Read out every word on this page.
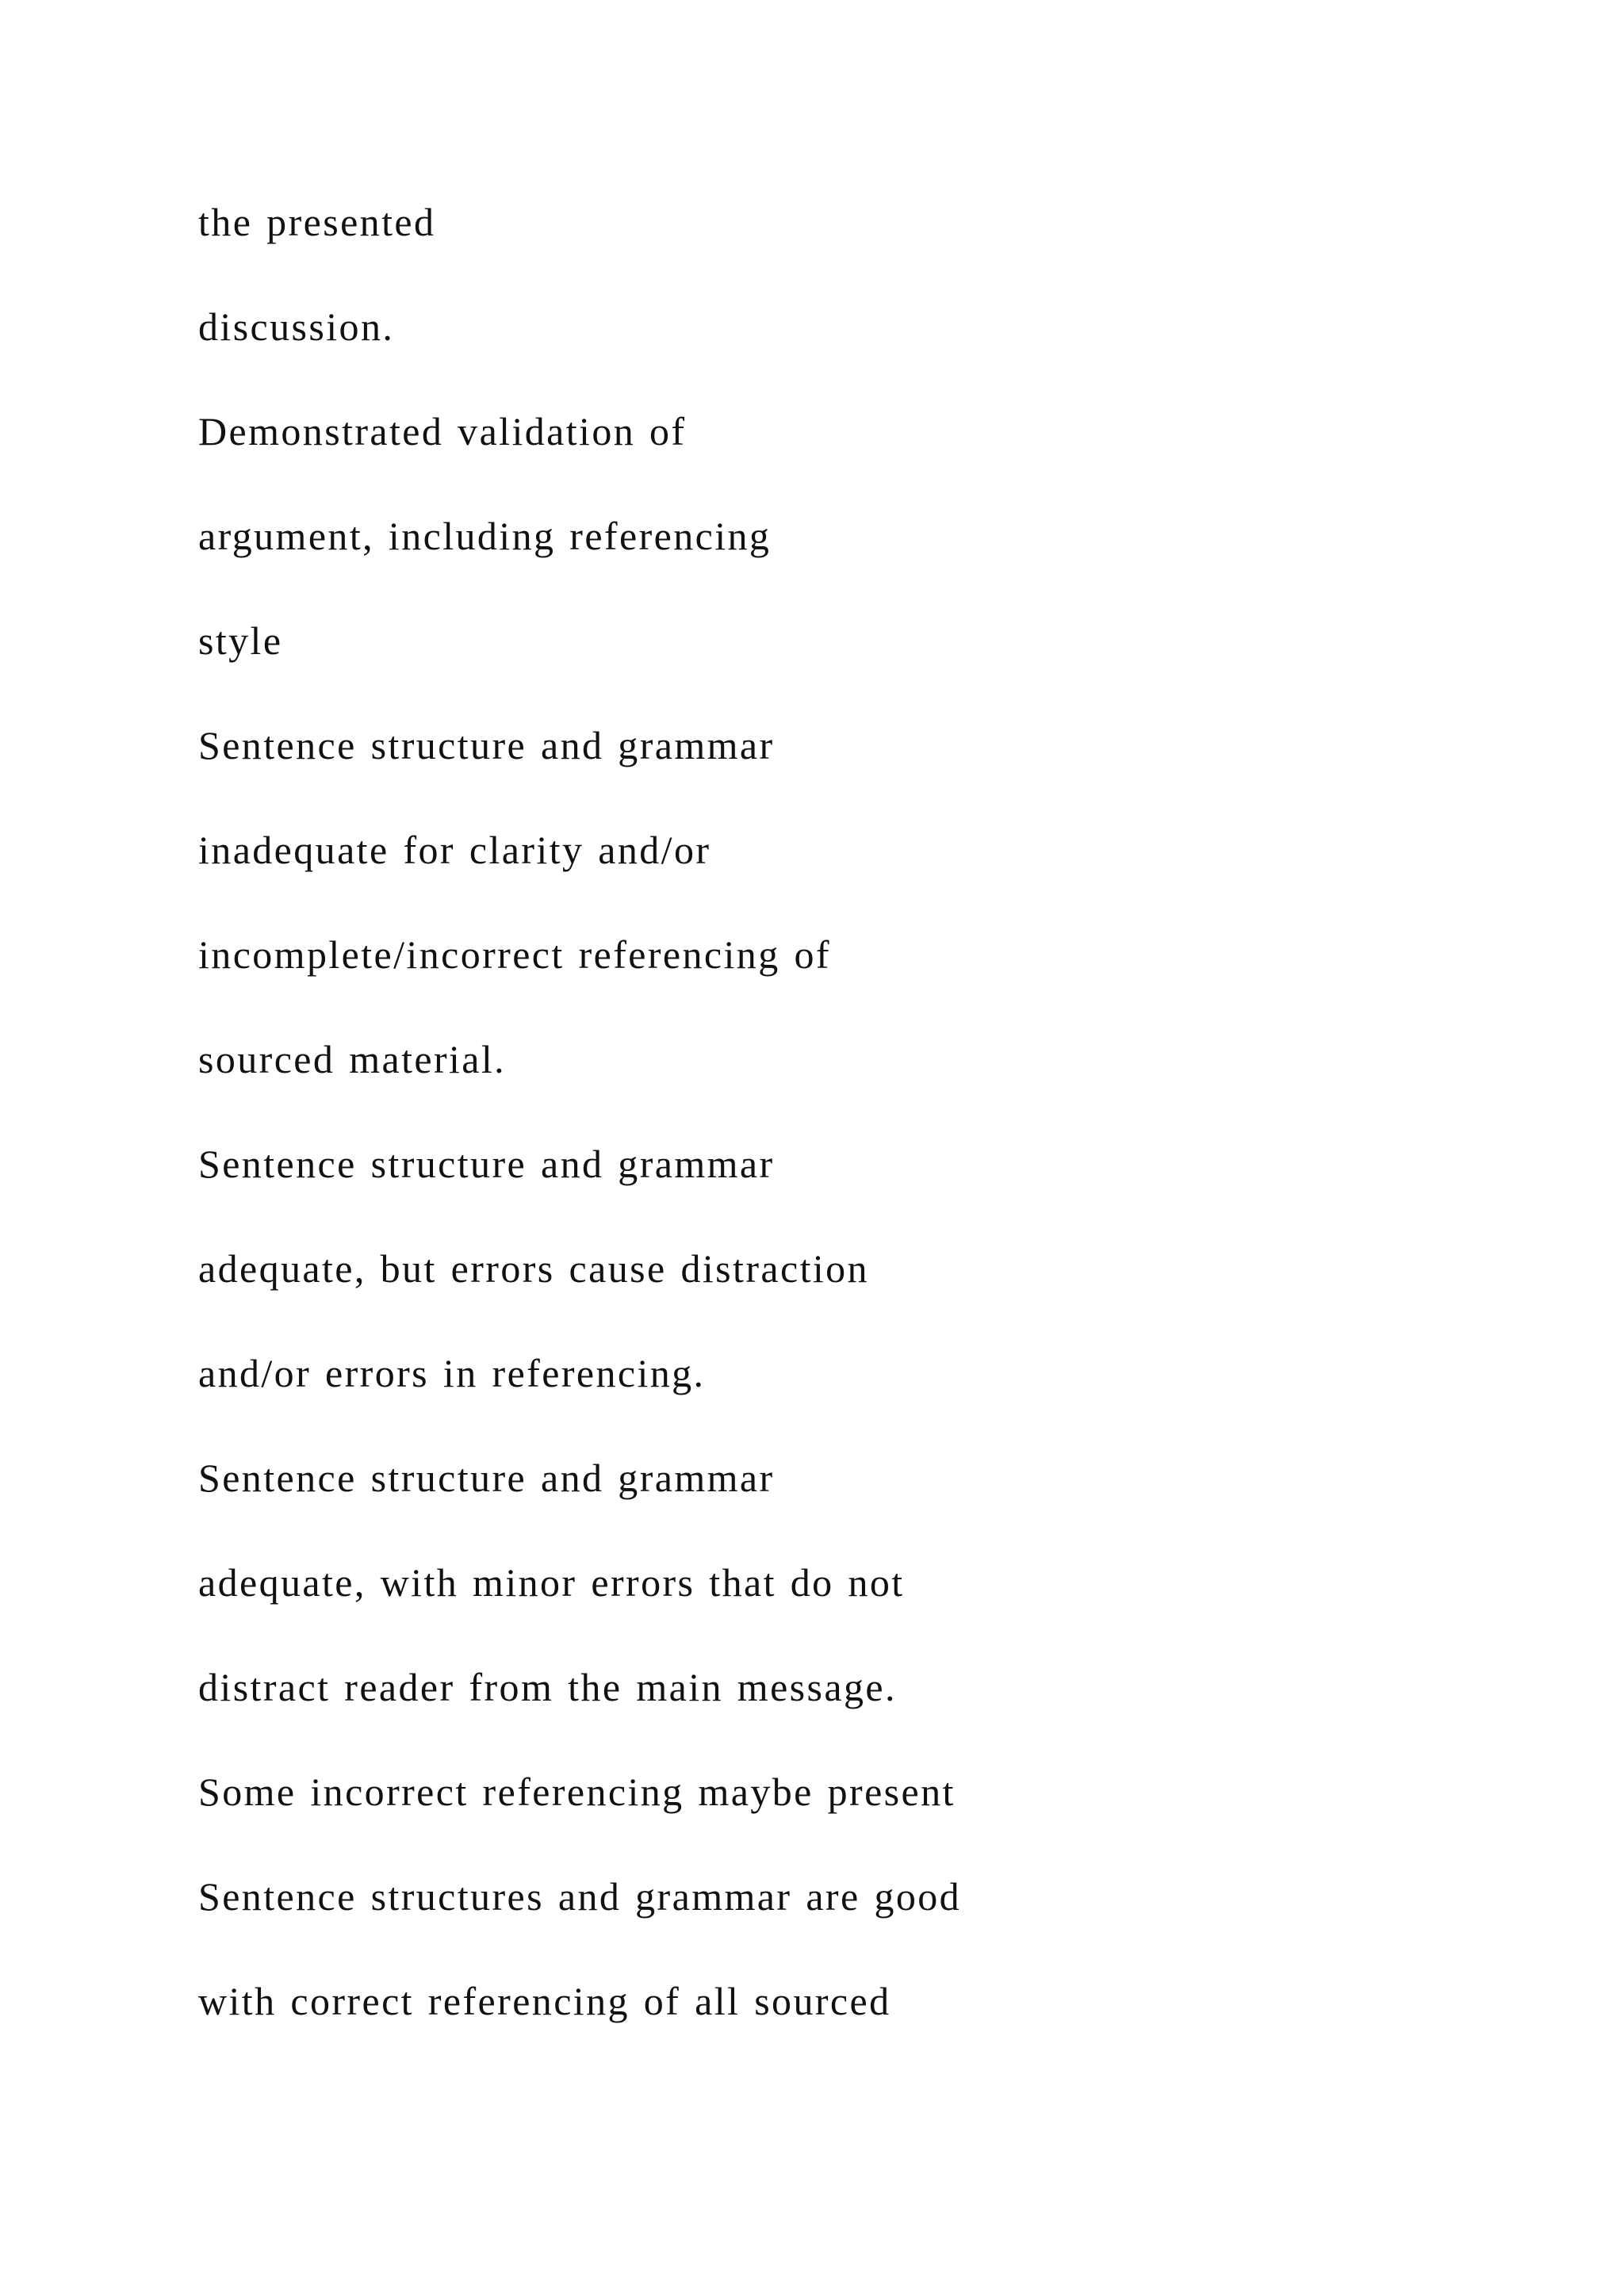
the presented
discussion.
Demonstrated validation of
argument, including referencing
style
Sentence structure and grammar
inadequate for clarity and/or
incomplete/incorrect referencing of
sourced material.
Sentence structure and grammar
adequate, but errors cause distraction
and/or errors in referencing.
Sentence structure and grammar
adequate, with minor errors that do not
distract reader from the main message.
Some incorrect referencing maybe present
Sentence structures and grammar are good
with correct referencing of all sourced
